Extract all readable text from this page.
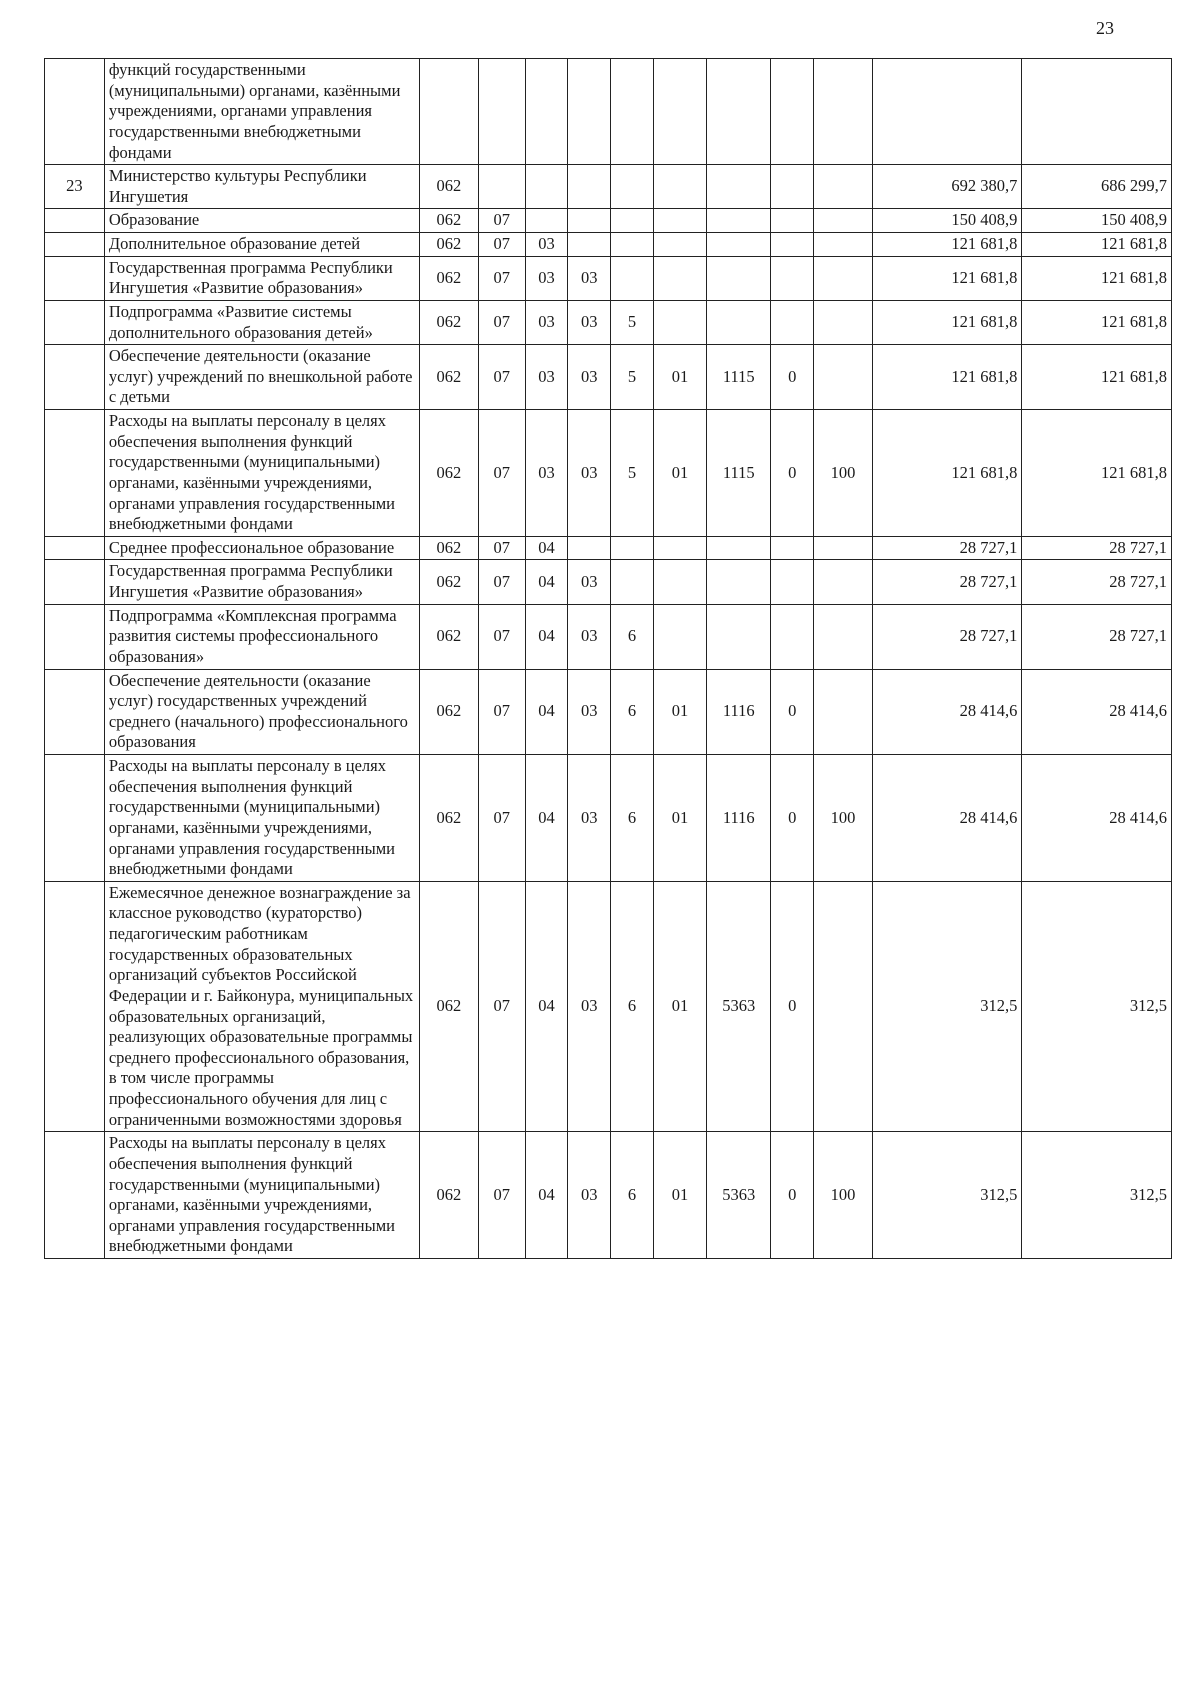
23
	функций государственными (муниципальными) органами, казёнными учреждениями, органами управления государственными внебюджетными фондами											
23	Министерство культуры Республики Ингушетия	062									692 380,7	686 299,7
	Образование	062	07								150 408,9	150 408,9
	Дополнительное образование детей	062	07	03							121 681,8	121 681,8
	Государственная программа Республики Ингушетия «Развитие образования»	062	07	03	03						121 681,8	121 681,8
	Подпрограмма «Развитие системы дополнительного образования детей»	062	07	03	03	5					121 681,8	121 681,8
	Обеспечение деятельности (оказание услуг) учреждений по внешкольной работе с детьми	062	07	03	03	5	01	1115	0		121 681,8	121 681,8
	Расходы на выплаты персоналу в целях обеспечения выполнения функций государственными (муниципальными) органами, казёнными учреждениями, органами управления государственными внебюджетными фондами	062	07	03	03	5	01	1115	0	100	121 681,8	121 681,8
	Среднее профессиональное образование	062	07	04							28 727,1	28 727,1
	Государственная программа Республики Ингушетия «Развитие образования»	062	07	04	03						28 727,1	28 727,1
	Подпрограмма «Комплексная программа развития системы профессионального образования»	062	07	04	03	6					28 727,1	28 727,1
	Обеспечение деятельности (оказание услуг) государственных учреждений среднего (начального) профессионального образования	062	07	04	03	6	01	1116	0		28 414,6	28 414,6
	Расходы на выплаты персоналу в целях обеспечения выполнения функций государственными (муниципальными) органами, казёнными учреждениями, органами управления государственными внебюджетными фондами	062	07	04	03	6	01	1116	0	100	28 414,6	28 414,6
	Ежемесячное денежное вознаграждение за классное руководство (кураторство) педагогическим работникам государственных образовательных организаций субъектов Российской Федерации и г. Байконура, муниципальных образовательных организаций, реализующих образовательные программы среднего профессионального образования, в том числе программы профессионального обучения для лиц с ограниченными возможностями здоровья	062	07	04	03	6	01	5363	0		312,5	312,5
	Расходы на выплаты персоналу в целях обеспечения выполнения функций государственными (муниципальными) органами, казёнными учреждениями, органами управления государственными внебюджетными фондами	062	07	04	03	6	01	5363	0	100	312,5	312,5
